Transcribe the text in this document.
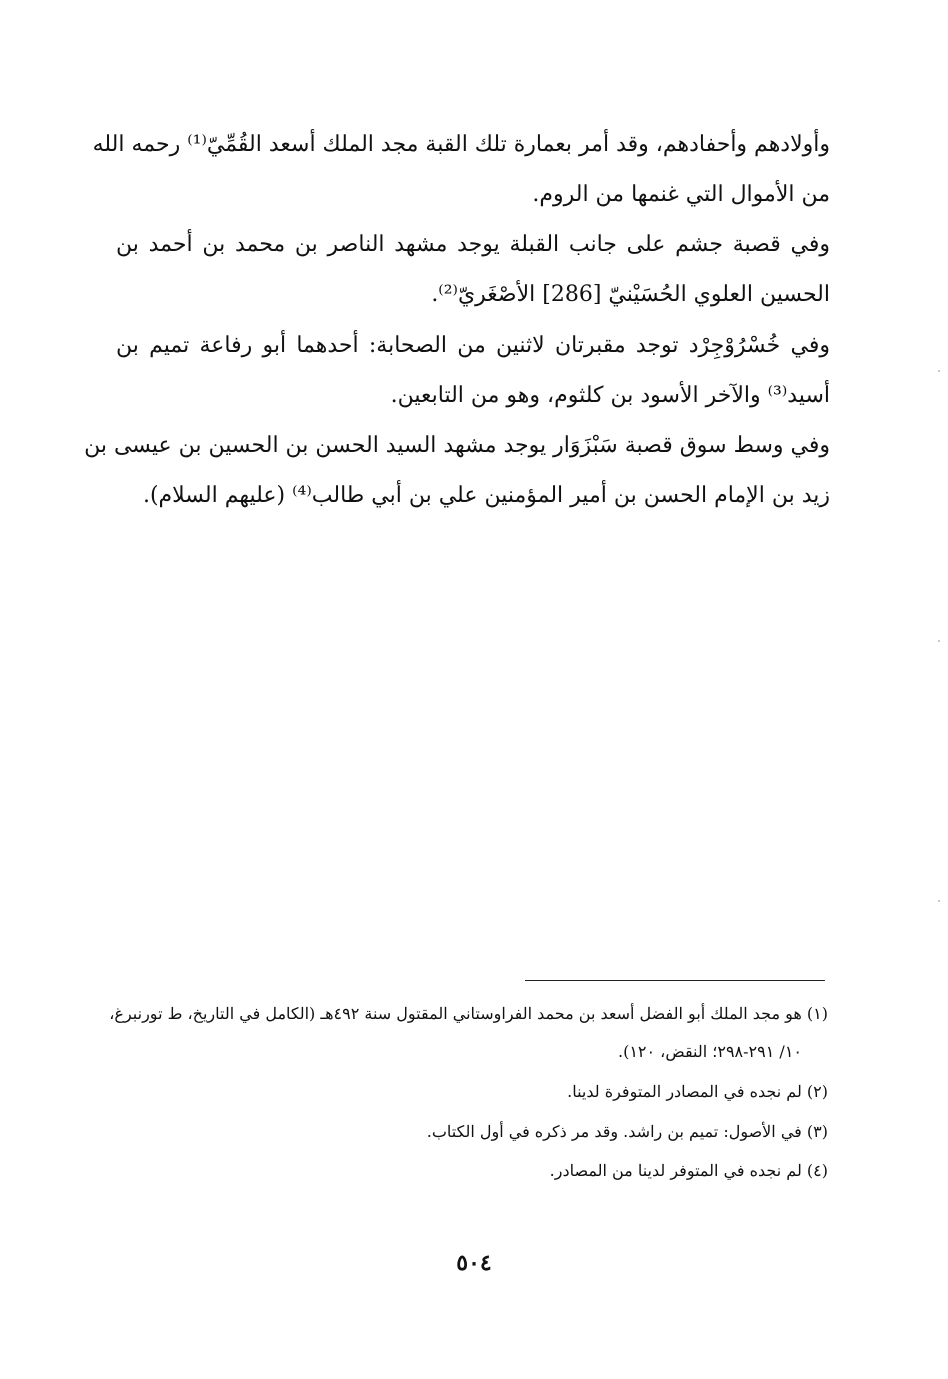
وأولادهم وأحفادهم، وقد أمر بعمارة تلك القبة مجد الملك أسعد القُمِّيّ⁽¹⁾ رحمه الله
من الأموال التي غنمها من الروم.
وفي قصبة جشم على جانب القبلة يوجد مشهد الناصر بن محمد بن أحمد بن
الحسين العلوي الحُسَيْنيّ [286] الأصْغَريّ⁽²⁾.
وفي خُسْرُوْجِرْد توجد مقبرتان لاثنين من الصحابة: أحدهما أبو رفاعة تميم بن
أسيد⁽³⁾ والآخر الأسود بن كلثوم، وهو من التابعين.
وفي وسط سوق قصبة سَبْزَوَار يوجد مشهد السيد الحسن بن الحسين بن عيسى بن
زيد بن الإمام الحسن بن أمير المؤمنين علي بن أبي طالب⁽⁴⁾ (عليهم السلام).
(١) هو مجد الملك أبو الفضل أسعد بن محمد الفراوستاني المقتول سنة ٤٩٢هـ (الكامل في التاريخ، ط تورنبرغ،
١٠/ ٢٩١-٢٩٨؛ النقض، ١٢٠).
(٢) لم نجده في المصادر المتوفرة لدينا.
(٣) في الأصول: تميم بن راشد. وقد مر ذكره في أول الكتاب.
(٤) لم نجده في المتوفر لدينا من المصادر.
٥٠٤
